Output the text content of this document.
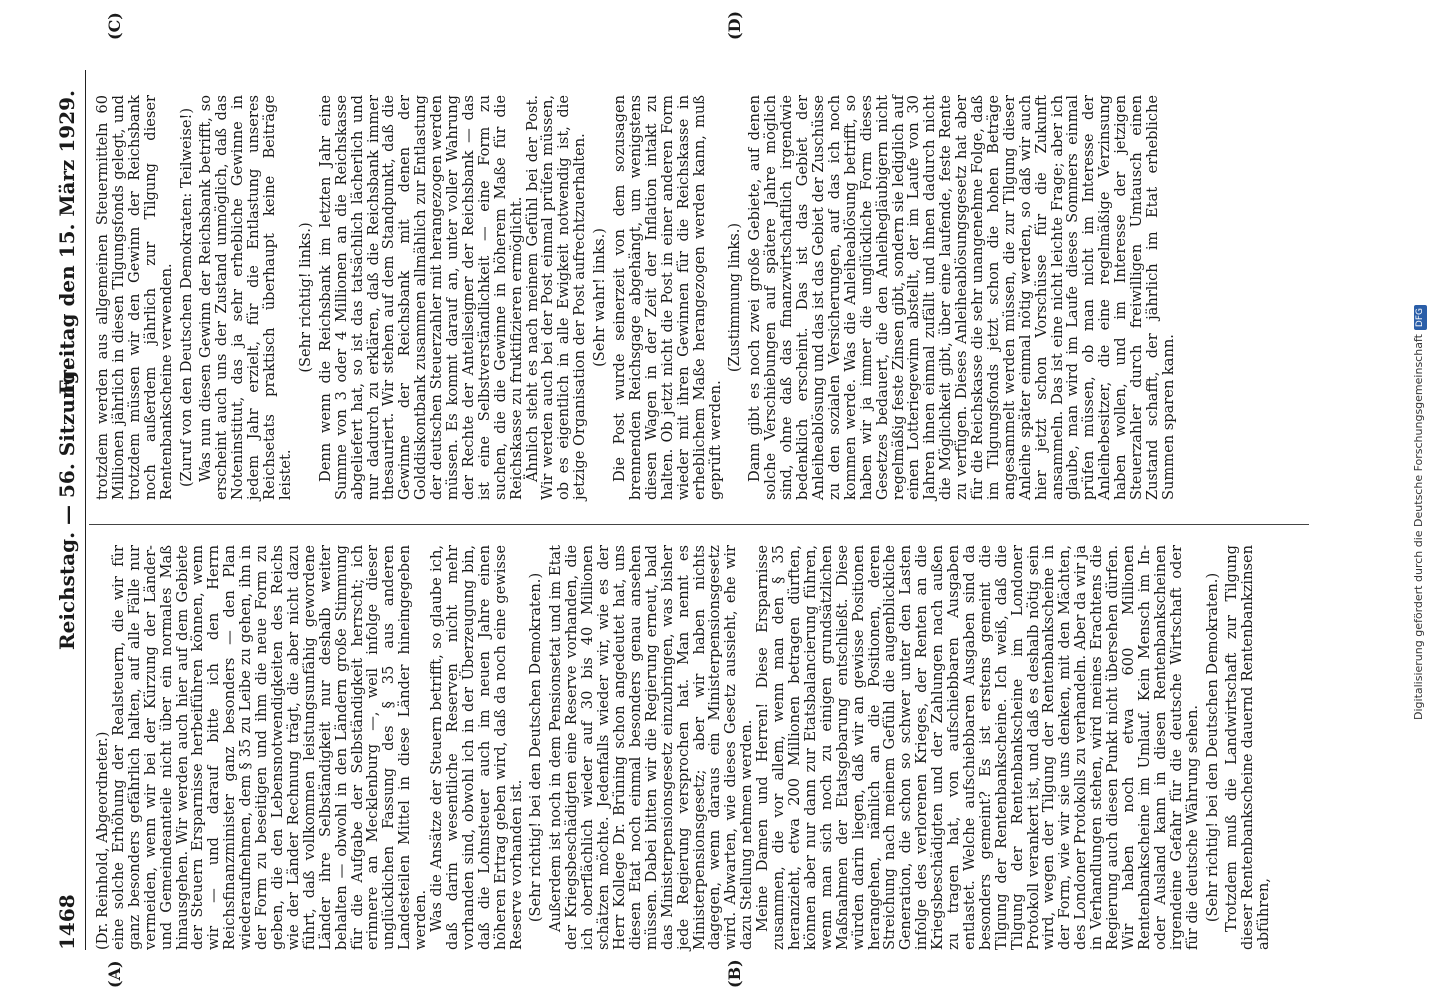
1468
Reichstag. — 56. Sitzung.
Freitag den 15. März 1929.
(A)	(B)
(C)	(D)

(Dr. Reinhold, Abgeordneter.)

eine solche Erhöhung der Realsteuern, die wir für ganz besonders gefährlich halten, auf alle Fälle nur vermeiden, wenn wir bei der Kürzung der Länder- und Gemeindeanteile nicht über ein normales Maß hinausgehen. Wir werden auch hier auf dem Gebiete der Steuern Ersparnisse herbeiführen können, wenn wir — und darauf bitte ich den Herrn Reichsfinanzminister ganz besonders — den Plan wiederaufnehmen, dem § 35 zu Leibe zu gehen, ihn in der Form zu beseitigen und ihm die neue Form zu geben, die den Lebensnotwendigkeiten des Reichs wie der Länder Rechnung trägt, die aber nicht dazu führt, daß vollkommen leistungsunfähig gewordene Länder ihre Selbständigkeit nur deshalb weiter behalten — obwohl in den Ländern große Stimmung für die Aufgabe der Selbständigkeit herrscht; ich erinnere an Mecklenburg —, weil infolge dieser unglücklichen Fassung des § 35 aus anderen Landesteilen Mittel in diese Länder hineingegeben werden.

Was die Ansätze der Steuern betrifft, so glaube ich, daß darin wesentliche Reserven nicht mehr vorhanden sind, obwohl ich in der Überzeugung bin, daß die Lohnsteuer auch im neuen Jahre einen höheren Ertrag geben wird, daß da noch eine gewisse Reserve vorhanden ist. (Sehr richtig! bei den Deutschen Demokraten.) Außerdem ist noch in dem Pensionsetat und im Etat der Kriegsbeschädigten eine Reserve vorhanden, die ich oberflächlich wieder auf 30 bis 40 Millionen schätzen möchte. Jedenfalls wieder wir, wie es der Herr Kollege Dr. Brüning schon angedeutet hat, uns diesen Etat noch einmal besonders genau ansehen müssen. Dabei bitten wir die Regierung erneut, bald das Ministerpensionsgesetz einzubringen, was bisher jede Regierung versprochen hat. Man nennt es Ministerpensionsgesetz; aber wir haben nichts dagegen, wenn daraus ein Ministerpensionsgesetz wird. Abwarten, wie dieses Gesetz aussieht, ehe wir dazu Stellung nehmen werden.

Meine Damen und Herren! Diese Ersparnisse zusammen, die vor allem, wenn man den § 35 heranzieht, etwa 200 Millionen betragen dürften, können aber nur dann zur Etatsbalancierung führen, wenn man sich noch zu einigen grundsätzlichen Maßnahmen der Etatsgebarung entschließt. Diese würden darin liegen, daß wir an gewisse Positionen herangehen, nämlich an die Positionen, deren Streichung nach meinem Gefühl die augenblickliche Generation, die schon so schwer unter den Lasten infolge des verlorenen Krieges, der Renten an die Kriegsbeschädigten und der Zahlungen nach außen zu tragen hat, von aufschiebbaren Ausgaben entlastet. Welche aufschiebbaren Ausgaben sind da besonders gemeint? Es ist erstens gemeint die Tilgung der Rentenbankscheine. Ich weiß, daß die Tilgung der Rentenbankscheine im Londoner Protokoll verankert ist, und daß es deshalb nötig sein wird, wegen der Tilgung der Rentenbankscheine in der Form, wie wir sie uns denken, mit den Mächten, des Londoner Protokolls zu verhandeln. Aber da wir ja in Verhandlungen stehen, wird meines Erachtens die Regierung auch diesen Punkt nicht übersehen dürfen. Wir haben noch etwa 600 Millionen Rentenbankscheine im Umlauf. Kein Mensch im In- oder Ausland kann in diesen Rentenbankscheinen irgendeine Gefahr für die deutsche Wirtschaft oder für die deutsche Währung sehen. (Sehr richtig! bei den Deutschen Demokraten.) Trotzdem muß die Landwirtschaft zur Tilgung dieser Rentenbankscheine dauernd Rentenbankzinsen abführen,

trotzdem werden aus allgemeinen Steuermitteln 60 Millionen jährlich in diesen Tilgungsfonds gelegt, und trotzdem müssen wir den Gewinn der Reichsbank noch außerdem jährlich zur Tilgung dieser Rentenbankscheine verwenden. (Zuruf von den Deutschen Demokraten: Teilweise!) Was nun diesen Gewinn der Reichsbank betrifft, so erscheint auch uns der Zustand unmöglich, daß das Noteninstitut, das ja sehr erhebliche Gewinne in jedem Jahr erzielt, für die Entlastung unseres Reichsetats praktisch überhaupt keine Beiträge leistet.

(Sehr richtig! links.) Denn wenn die Reichsbank im letzten Jahr eine Summe von 3 oder 4 Millionen an die Reichskasse abgeliefert hat, so ist das tatsächlich lächerlich und nur dadurch zu erklären, daß die Reichsbank immer thesauriert. Wir stehen auf dem Standpunkt, daß die Gewinne der Reichsbank mit denen der Golddiskontbank zusammen allmählich zur Entlastung der deutschen Steuerzahler mit herangezogen werden müssen. Es kommt darauf an, unter voller Wahrung der Rechte der Anteilseigner der Reichsbank — das ist eine Selbstverständlichkeit — eine Form zu suchen, die die Gewinne in höherem Maße für die Reichskasse zu fruktifizieren ermöglicht.

Ähnlich steht es nach meinem Gefühl bei der Post. Wir werden auch bei der Post einmal prüfen müssen, ob es eigentlich in alle Ewigkeit notwendig ist, die jetzige Organisation der Post aufrechtzuerhalten. (Sehr wahr! links.) Die Post wurde seinerzeit von dem sozusagen brennenden Reichsgage abgehängt, um wenigstens diesen Wagen in der Zeit der Inflation intakt zu halten. Ob jetzt nicht die Post in einer anderen Form wieder mit ihren Gewinnen für die Reichskasse in erheblichem Maße herangezogen werden kann, muß geprüft werden.

(Zustimmung links.) Dann gibt es noch zwei große Gebiete, auf denen solche Verschiebungen auf spätere Jahre möglich sind, ohne daß das finanzwirtschaftlich irgendwie bedenklich erscheint. Das ist das Gebiet der Anleiheablösung und das ist das Gebiet der Zuschüsse zu den sozialen Versicherungen, auf das ich noch kommen werde. Was die Anleiheablösung betrifft, so haben wir ja immer die unglückliche Form dieses Gesetzes bedauert, die den Anleihegläubigern nicht regelmäßig feste Zinsen gibt, sondern sie lediglich auf einen Lotteriegewinn abstellt, der im Laufe von 30 Jahren ihnen einmal zufällt und ihnen dadurch nicht die Möglichkeit gibt, über eine laufende, feste Rente zu verfügen. Dieses Anleiheablösungsgesetz hat aber für die Reichskasse die sehr unangenehme Folge, daß im Tilgungsfonds jetzt schon die hohen Beträge angesammelt werden müssen, die zur Tilgung dieser Anleihe später einmal nötig werden, so daß wir auch hier jetzt schon Vorschüsse für die Zukunft ansammeln. Das ist eine nicht leichte Frage; aber ich glaube, man wird im Laufe dieses Sommers einmal prüfen müssen, ob man nicht im Interesse der Anleihebesitzer, die eine regelmäßige Verzinsung haben wollen, und im Interesse der jetzigen Steuerzahler durch freiwilligen Umtausch einen Zustand schafft, der jährlich im Etat erhebliche Summen sparen kann.	Digitalisierung gefördert durch die Deutsche ForschungsgemeinschaftDFG
